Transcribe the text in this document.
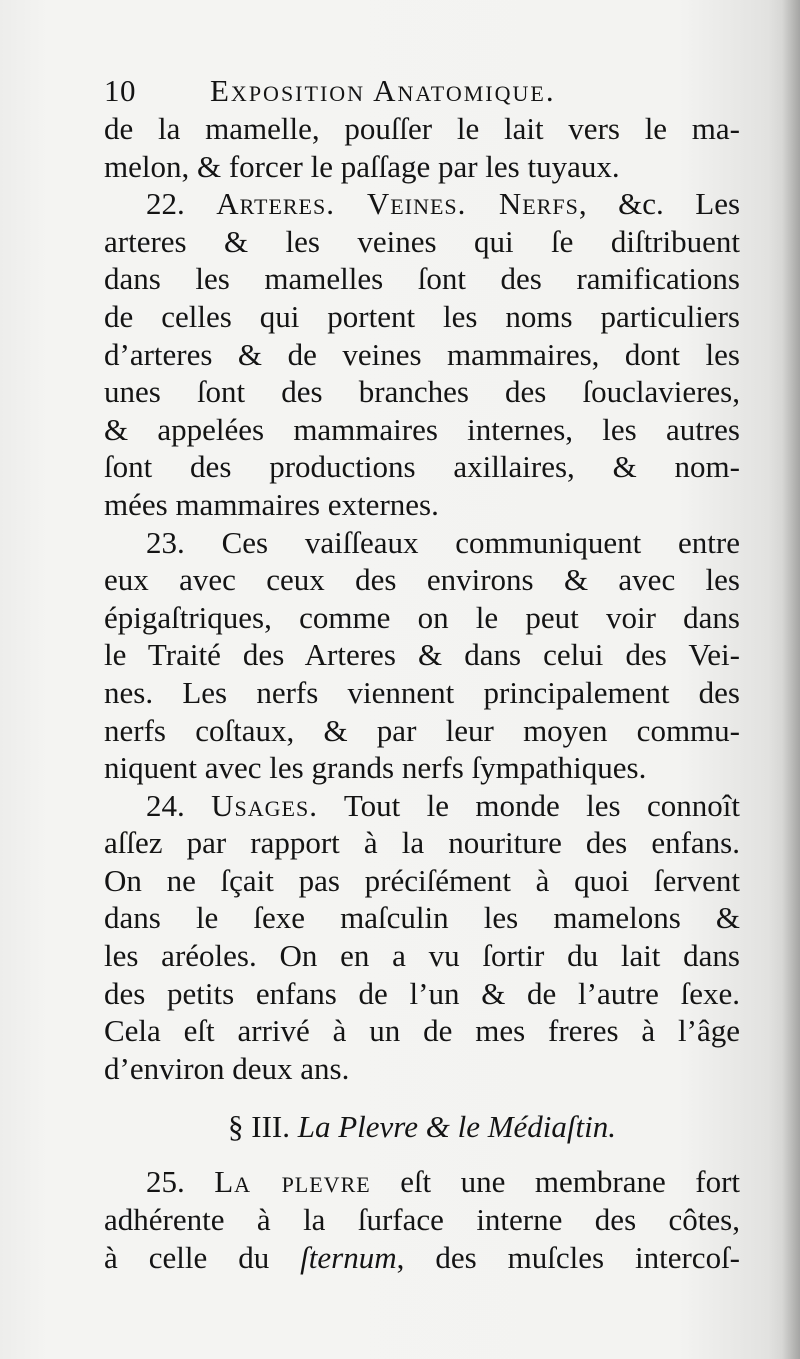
10	Exposition Anatomique.
de la mamelle, pouſſer le lait vers le ma-
melon, & forcer le paſſage par les tuyaux.
22. Arteres. Veines. Nerfs, &c. Les
arteres & les veines qui ſe diſtribuent
dans les mamelles ſont des ramifications
de celles qui portent les noms particuliers
d’arteres & de veines mammaires, dont les
unes ſont des branches des ſouclavieres,
& appelées mammaires internes, les autres
ſont des productions axillaires, & nom-
mées mammaires externes.
23. Ces vaiſſeaux communiquent entre
eux avec ceux des environs & avec les
épigaſtriques, comme on le peut voir dans
le Traité des Arteres & dans celui des Vei-
nes. Les nerfs viennent principalement des
nerfs coſtaux, & par leur moyen commu-
niquent avec les grands nerfs ſympathiques.
24. Usages. Tout le monde les connoît
aſſez par rapport à la nouriture des enfans.
On ne ſçait pas préciſément à quoi ſervent
dans le ſexe maſculin les mamelons &
les aréoles. On en a vu ſortir du lait dans
des petits enfans de l’un & de l’autre ſexe.
Cela eſt arrivé à un de mes freres à l’âge
d’environ deux ans.
§ III. La Plevre & le Médiaſtin.
25. La plevre eſt une membrane fort
adhérente à la ſurface interne des côtes,
à celle du ſternum, des muſcles intercoſ-
